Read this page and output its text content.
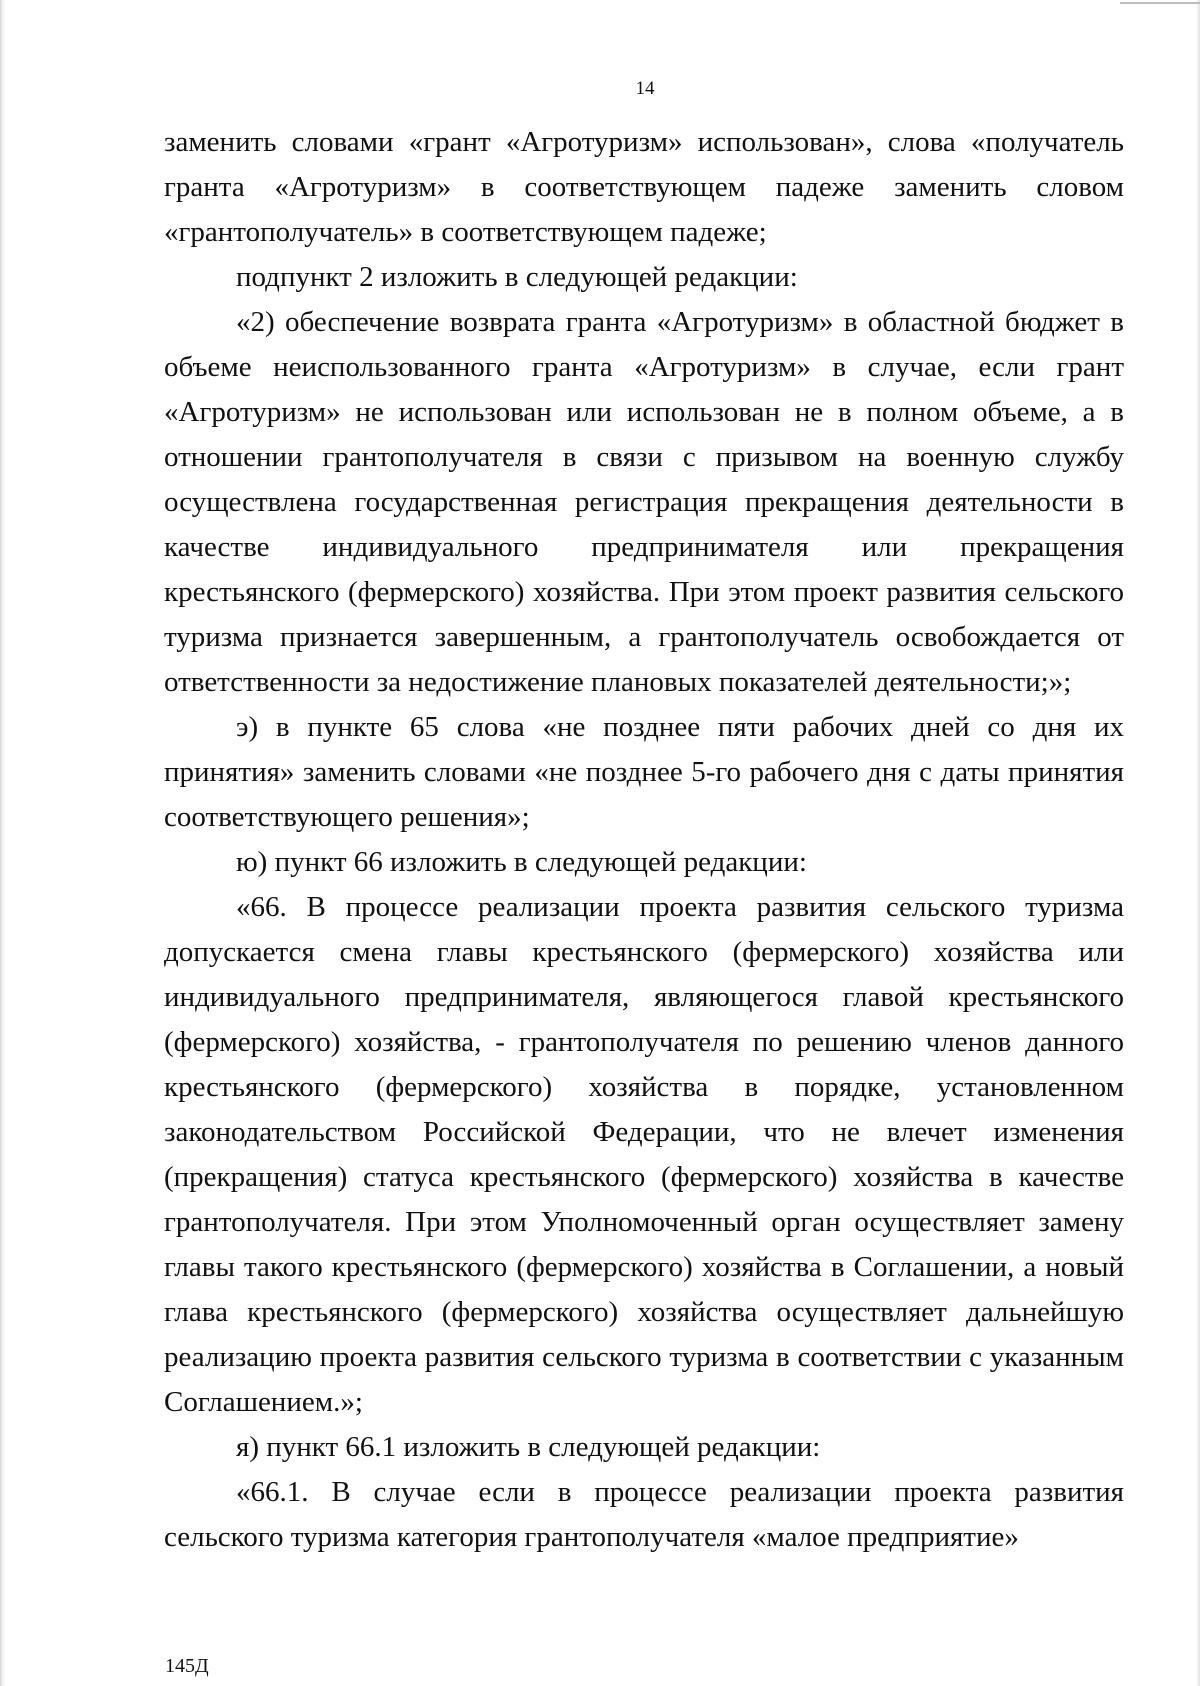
14

заменить словами «грант «Агротуризм» использован», слова «получатель гранта «Агротуризм» в соответствующем падеже заменить словом «грантополучатель» в соответствующем падеже;

подпункт 2 изложить в следующей редакции:

«2) обеспечение возврата гранта «Агротуризм» в областной бюджет в объеме неиспользованного гранта «Агротуризм» в случае, если грант «Агротуризм» не использован или использован не в полном объеме, а в отношении грантополучателя в связи с призывом на военную службу осуществлена государственная регистрация прекращения деятельности в качестве индивидуального предпринимателя или прекращения крестьянского (фермерского) хозяйства. При этом проект развития сельского туризма признается завершенным, а грантополучатель освобождается от ответственности за недостижение плановых показателей деятельности;»;

э) в пункте 65 слова «не позднее пяти рабочих дней со дня их принятия» заменить словами «не позднее 5-го рабочего дня с даты принятия соответствующего решения»;

ю) пункт 66 изложить в следующей редакции:

«66. В процессе реализации проекта развития сельского туризма допускается смена главы крестьянского (фермерского) хозяйства или индивидуального предпринимателя, являющегося главой крестьянского (фермерского) хозяйства, - грантополучателя по решению членов данного крестьянского (фермерского) хозяйства в порядке, установленном законодательством Российской Федерации, что не влечет изменения (прекращения) статуса крестьянского (фермерского) хозяйства в качестве грантополучателя. При этом Уполномоченный орган осуществляет замену главы такого крестьянского (фермерского) хозяйства в Соглашении, а новый глава крестьянского (фермерского) хозяйства осуществляет дальнейшую реализацию проекта развития сельского туризма в соответствии с указанным Соглашением.»;

я) пункт 66.1 изложить в следующей редакции:

«66.1. В случае если в процессе реализации проекта развития сельского туризма категория грантополучателя «малое предприятие»

145Д
